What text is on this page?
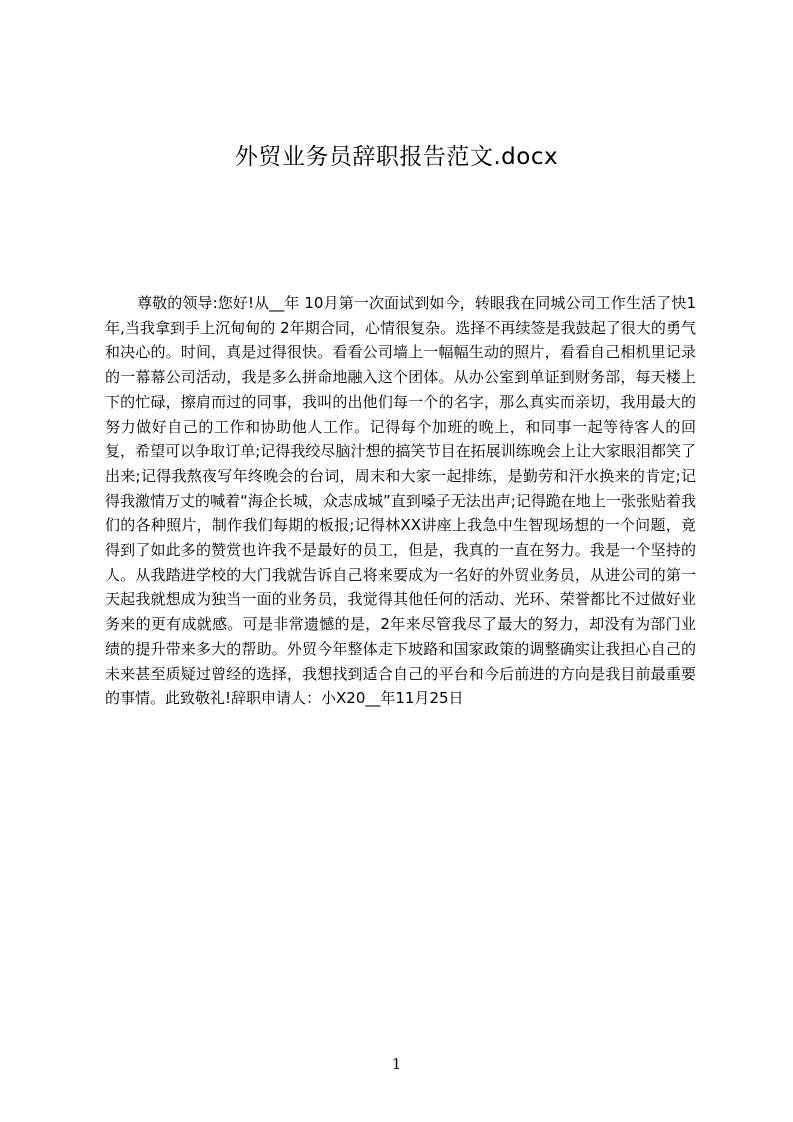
外贸业务员辞职报告范文.docx

尊敬的领导:您好!从__年 10月第一次面试到如今，转眼我在同城公司工作生活了快1年,当我拿到手上沉甸甸的 2年期合同，心情很复杂。选择不再续签是我鼓起了很大的勇气和决心的。时间，真是过得很快。看看公司墙上一幅幅生动的照片，看看自己相机里记录的一幕幕公司活动，我是多么拼命地融入这个团体。从办公室到单证到财务部，每天楼上下的忙碌，擦肩而过的同事，我叫的出他们每一个的名字，那么真实而亲切，我用最大的努力做好自己的工作和协助他人工作。记得每个加班的晚上，和同事一起等待客人的回复，希望可以争取订单;记得我绞尽脑汁想的搞笑节目在拓展训练晚会上让大家眼泪都笑了出来;记得我熬夜写年终晚会的台词，周末和大家一起排练，是勤劳和汗水换来的肯定;记得我激情万丈的喊着“海企长城，众志成城”直到嗓子无法出声;记得跪在地上一张张贴着我们的各种照片，制作我们每期的板报;记得林XX讲座上我急中生智现场想的一个问题，竟得到了如此多的赞赏也许我不是最好的员工，但是，我真的一直在努力。我是一个坚持的人。从我踏进学校的大门我就告诉自己将来要成为一名好的外贸业务员，从进公司的第一天起我就想成为独当一面的业务员，我觉得其他任何的活动、光环、荣誉都比不过做好业务来的更有成就感。可是非常遗憾的是，2年来尽管我尽了最大的努力，却没有为部门业绩的提升带来多大的帮助。外贸今年整体走下坡路和国家政策的调整确实让我担心自己的未来甚至质疑过曾经的选择，我想找到适合自己的平台和今后前进的方向是我目前最重要的事情。此致敬礼!辞职申请人：小X20__年11月25日

1
